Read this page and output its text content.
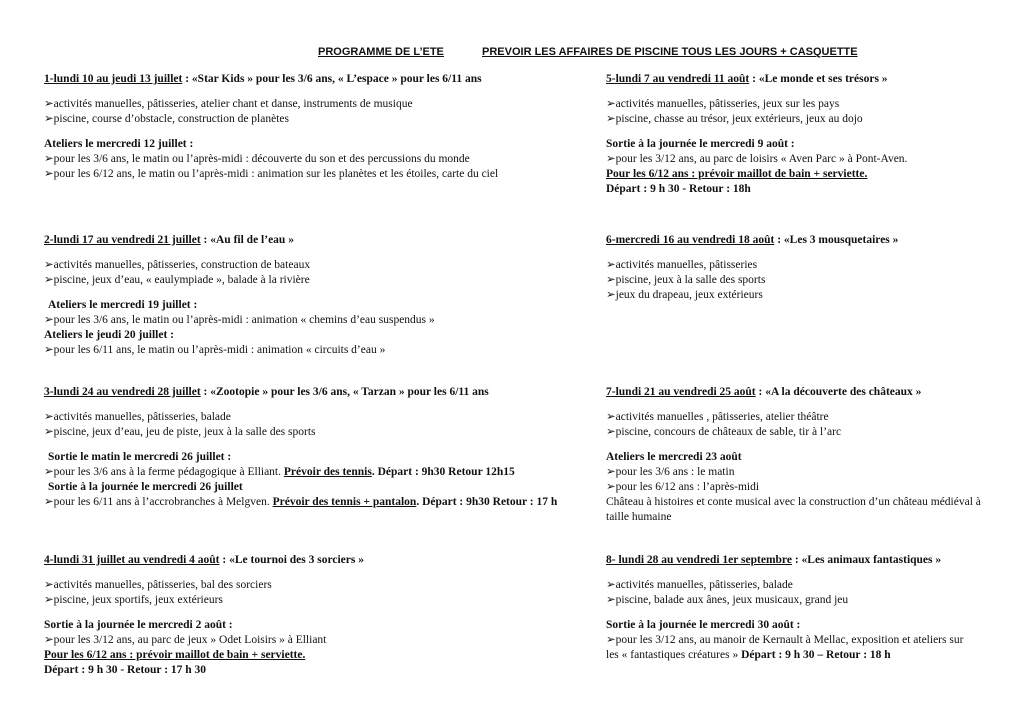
PROGRAMME DE L’ETE	PREVOIR LES AFFAIRES DE PISCINE TOUS LES JOURS + CASQUETTE
1-lundi 10 au jeudi 13 juillet : «Star Kids » pour les 3/6 ans, « L’espace » pour les 6/11 ans
➢activités manuelles, pâtisseries, atelier chant et danse, instruments de musique
➢piscine, course d’obstacle, construction de planètes
Ateliers le mercredi 12 juillet :
➢pour les 3/6 ans, le matin ou l’après-midi : découverte du son et des percussions du monde
➢pour les 6/12 ans, le matin ou l’après-midi : animation sur les planètes et les étoiles, carte du ciel
2-lundi 17 au vendredi 21 juillet : «Au fil de l’eau »
➢activités manuelles, pâtisseries, construction de bateaux
➢piscine, jeux d’eau, « eaulympiade », balade à la rivière
Ateliers le mercredi 19 juillet :
➢pour les 3/6 ans, le matin ou l’après-midi : animation « chemins d’eau suspendus »
Ateliers le jeudi 20 juillet :
➢pour les 6/11 ans, le matin ou l’après-midi : animation « circuits d’eau »
3-lundi 24 au vendredi 28 juillet : «Zootopie » pour les 3/6 ans, « Tarzan » pour les 6/11 ans
➢activités manuelles, pâtisseries, balade
➢piscine, jeux d’eau, jeu de piste, jeux à la salle des sports
Sortie le matin le mercredi 26 juillet :
➢pour les 3/6 ans à la ferme pédagogique à Elliant. Prévoir des tennis. Départ : 9h30 Retour 12h15
Sortie à la journée le mercredi 26 juillet
➢pour les 6/11 ans à l’accrobranches à Melgven. Prévoir des tennis + pantalon. Départ : 9h30 Retour : 17 h
4-lundi 31 juillet au vendredi 4 août : «Le tournoi des 3 sorciers »
➢activités manuelles, pâtisseries, bal des sorciers
➢piscine, jeux sportifs, jeux extérieurs
Sortie à la journée le mercredi 2 août :
➢pour les 3/12 ans, au parc de jeux » Odet Loisirs » à Elliant
Pour les 6/12 ans : prévoir maillot de bain + serviette.
Départ : 9 h 30 - Retour : 17 h 30
5-lundi 7 au vendredi 11 août : «Le monde et ses trésors »
➢activités manuelles, pâtisseries, jeux sur les pays
➢piscine, chasse au trésor, jeux extérieurs, jeux au dojo
Sortie à la journée le mercredi 9 août :
➢pour les 3/12 ans, au parc de loisirs « Aven Parc » à Pont-Aven.
Pour les 6/12 ans : prévoir maillot de bain + serviette.
Départ : 9 h 30 - Retour : 18h
6-mercredi 16 au vendredi 18 août : «Les 3 mousquetaires »
➢activités manuelles, pâtisseries
➢piscine, jeux à la salle des sports
➢jeux du drapeau, jeux extérieurs
7-lundi 21 au vendredi 25 août : «A la découverte des châteaux »
➢activités manuelles , pâtisseries, atelier théâtre
➢piscine, concours de châteaux de sable, tir à l’arc
Ateliers le mercredi 23 août
➢pour les 3/6 ans : le matin
➢pour les 6/12 ans : l’après-midi
Château à histoires et conte musical avec la construction d’un château médiéval à taille humaine
8- lundi 28 au vendredi 1er septembre : «Les animaux fantastiques »
➢activités manuelles, pâtisseries, balade
➢piscine, balade aux ânes, jeux musicaux, grand jeu
Sortie à la journée le mercredi 30 août :
➢pour les 3/12 ans, au manoir de Kernault à Mellac, exposition et ateliers sur
les « fantastiques créatures » Départ : 9 h 30 – Retour : 18 h
